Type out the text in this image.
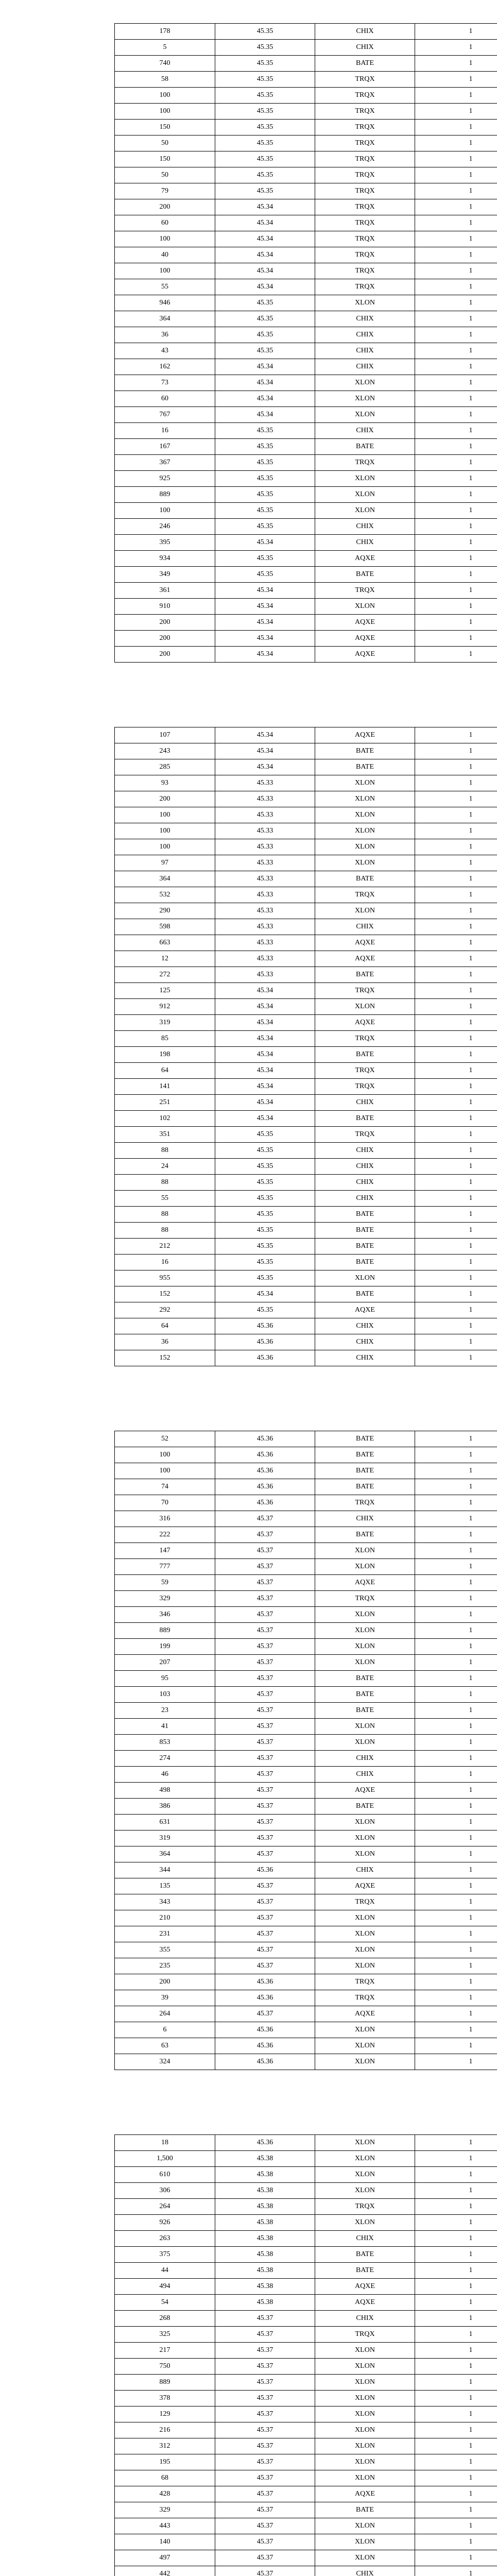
178	45.35	CHIX	1
5	45.35	CHIX	1
740	45.35	BATE	1
58	45.35	TRQX	1
100	45.35	TRQX	1
100	45.35	TRQX	1
150	45.35	TRQX	1
50	45.35	TRQX	1
150	45.35	TRQX	1
50	45.35	TRQX	1
79	45.35	TRQX	1
200	45.34	TRQX	1
60	45.34	TRQX	1
100	45.34	TRQX	1
40	45.34	TRQX	1
100	45.34	TRQX	1
55	45.34	TRQX	1
946	45.35	XLON	1
364	45.35	CHIX	1
36	45.35	CHIX	1
43	45.35	CHIX	1
162	45.34	CHIX	1
73	45.34	XLON	1
60	45.34	XLON	1
767	45.34	XLON	1
16	45.35	CHIX	1
167	45.35	BATE	1
367	45.35	TRQX	1
925	45.35	XLON	1
889	45.35	XLON	1
100	45.35	XLON	1
246	45.35	CHIX	1
395	45.34	CHIX	1
934	45.35	AQXE	1
349	45.35	BATE	1
361	45.34	TRQX	1
910	45.34	XLON	1
200	45.34	AQXE	1
200	45.34	AQXE	1
200	45.34	AQXE	1
107	45.34	AQXE	1
243	45.34	BATE	1
285	45.34	BATE	1
93	45.33	XLON	1
200	45.33	XLON	1
100	45.33	XLON	1
100	45.33	XLON	1
100	45.33	XLON	1
97	45.33	XLON	1
364	45.33	BATE	1
532	45.33	TRQX	1
290	45.33	XLON	1
598	45.33	CHIX	1
663	45.33	AQXE	1
12	45.33	AQXE	1
272	45.33	BATE	1
125	45.34	TRQX	1
912	45.34	XLON	1
319	45.34	AQXE	1
85	45.34	TRQX	1
198	45.34	BATE	1
64	45.34	TRQX	1
141	45.34	TRQX	1
251	45.34	CHIX	1
102	45.34	BATE	1
351	45.35	TRQX	1
88	45.35	CHIX	1
24	45.35	CHIX	1
88	45.35	CHIX	1
55	45.35	CHIX	1
88	45.35	BATE	1
88	45.35	BATE	1
212	45.35	BATE	1
16	45.35	BATE	1
955	45.35	XLON	1
152	45.34	BATE	1
292	45.35	AQXE	1
64	45.36	CHIX	1
36	45.36	CHIX	1
152	45.36	CHIX	1
52	45.36	BATE	1
100	45.36	BATE	1
100	45.36	BATE	1
74	45.36	BATE	1
70	45.36	TRQX	1
316	45.37	CHIX	1
222	45.37	BATE	1
147	45.37	XLON	1
777	45.37	XLON	1
59	45.37	AQXE	1
329	45.37	TRQX	1
346	45.37	XLON	1
889	45.37	XLON	1
199	45.37	XLON	1
207	45.37	XLON	1
95	45.37	BATE	1
103	45.37	BATE	1
23	45.37	BATE	1
41	45.37	XLON	1
853	45.37	XLON	1
274	45.37	CHIX	1
46	45.37	CHIX	1
498	45.37	AQXE	1
386	45.37	BATE	1
631	45.37	XLON	1
319	45.37	XLON	1
364	45.37	XLON	1
344	45.36	CHIX	1
135	45.37	AQXE	1
343	45.37	TRQX	1
210	45.37	XLON	1
231	45.37	XLON	1
355	45.37	XLON	1
235	45.37	XLON	1
200	45.36	TRQX	1
39	45.36	TRQX	1
264	45.37	AQXE	1
6	45.36	XLON	1
63	45.36	XLON	1
324	45.36	XLON	1
18	45.36	XLON	1
1,500	45.38	XLON	1
610	45.38	XLON	1
306	45.38	XLON	1
264	45.38	TRQX	1
926	45.38	XLON	1
263	45.38	CHIX	1
375	45.38	BATE	1
44	45.38	BATE	1
494	45.38	AQXE	1
54	45.38	AQXE	1
268	45.37	CHIX	1
325	45.37	TRQX	1
217	45.37	XLON	1
750	45.37	XLON	1
889	45.37	XLON	1
378	45.37	XLON	1
129	45.37	XLON	1
216	45.37	XLON	1
312	45.37	XLON	1
195	45.37	XLON	1
68	45.37	XLON	1
428	45.37	AQXE	1
329	45.37	BATE	1
443	45.37	XLON	1
140	45.37	XLON	1
497	45.37	XLON	1
442	45.37	CHIX	1
